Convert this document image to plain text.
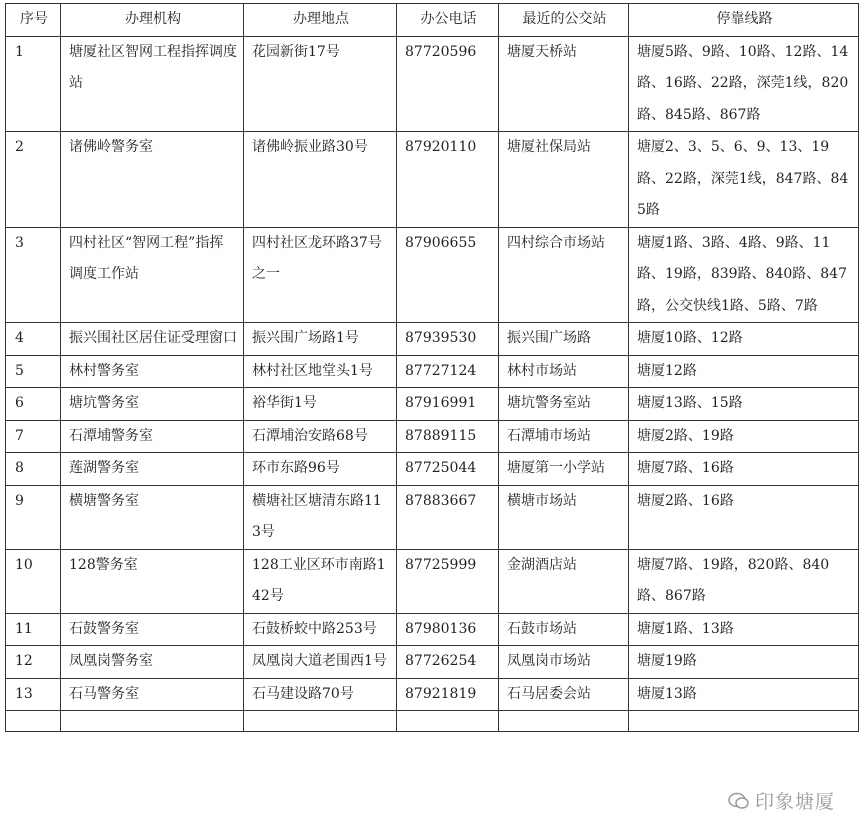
序号	办理机构	办理地点	办公电话	最近的公交站	停靠线路
1	塘厦社区智网工程指挥调度站	花园新街17号	87720596	塘厦天桥站	塘厦5路、9路、10路、12路、14路、16路、22路，深莞1线，820路、845路、867路
2	诸佛岭警务室	诸佛岭振业路30号	87920110	塘厦社保局站	塘厦2、3、5、6、9、13、19路、22路，深莞1线，847路、845路
3	四村社区“智网工程”指挥调度工作站	四村社区龙环路37号之一	87906655	四村综合市场站	塘厦1路、3路、4路、9路、11路、19路，839路、840路、847路，公交快线1路、5路、7路
4	振兴围社区居住证受理窗口	振兴围广场路1号	87939530	振兴围广场路	塘厦10路、12路
5	林村警务室	林村社区地堂头1号	87727124	林村市场站	塘厦12路
6	塘坑警务室	裕华街1号	87916991	塘坑警务室站	塘厦13路、15路
7	石潭埔警务室	石潭埔治安路68号	87889115	石潭埔市场站	塘厦2路、19路
8	莲湖警务室	环市东路96号	87725044	塘厦第一小学站	塘厦7路、16路
9	横塘警务室	横塘社区塘清东路113号	87883667	横塘市场站	塘厦2路、16路
10	128警务室	128工业区环市南路142号	87725999	金湖酒店站	塘厦7路、19路，820路、840路、867路
11	石鼓警务室	石鼓桥蛟中路253号	87980136	石鼓市场站	塘厦1路、13路
12	凤凰岗警务室	凤凰岗大道老围西1号	87726254	凤凰岗市场站	塘厦19路
13	石马警务室	石马建设路70号	87921819	石马居委会站	塘厦13路

印象塘厦
